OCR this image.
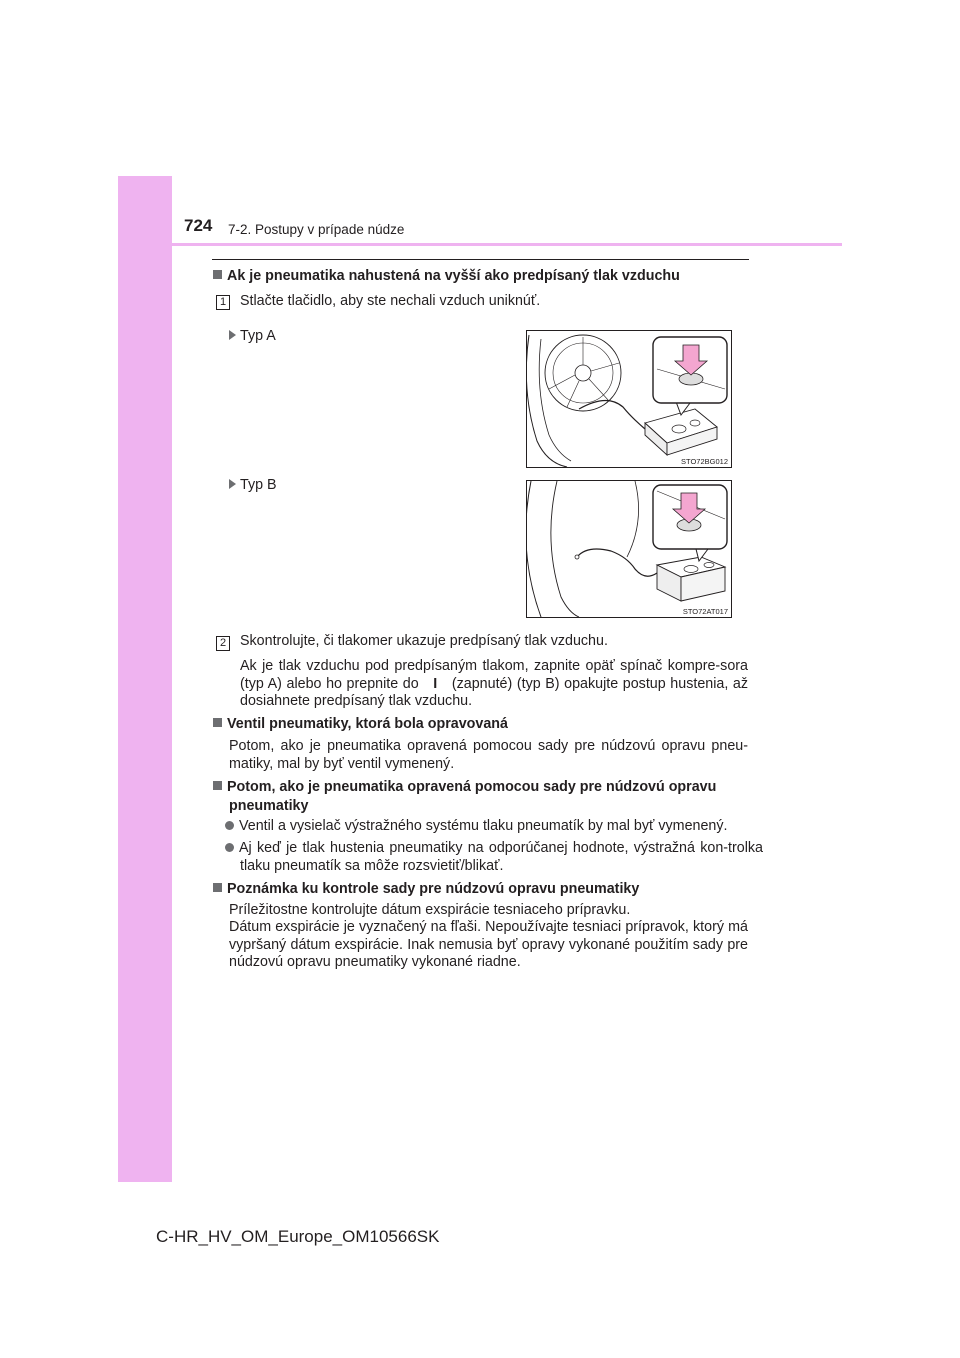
724 7-2. Postupy v prípade núdze
Ak je pneumatika nahustená na vyšší ako predpísaný tlak vzduchu
1 Stlačte tlačidlo, aby ste nechali vzduch uniknúť.
Typ A
STO72BG012
Typ B
STO72AT017
2 Skontrolujte, či tlakomer ukazuje predpísaný tlak vzduchu.
Ak je tlak vzduchu pod predpísaným tlakom, zapnite opäť spínač kompre-sora (typ A) alebo ho prepnite do I (zapnuté) (typ B) opakujte postup hustenia, až dosiahnete predpísaný tlak vzduchu.
Ventil pneumatiky, ktorá bola opravovaná
Potom, ako je pneumatika opravená pomocou sady pre núdzovú opravu pneu-matiky, mal by byť ventil vymenený.
Potom, ako je pneumatika opravená pomocou sady pre núdzovú opravu pneumatiky
Ventil a vysielač výstražného systému tlaku pneumatík by mal byť vymenený.
Aj keď je tlak hustenia pneumatiky na odporúčanej hodnote, výstražná kon-trolka tlaku pneumatík sa môže rozsvietiť/blikať.
Poznámka ku kontrole sady pre núdzovú opravu pneumatiky
Príležitostne kontrolujte dátum exspirácie tesniaceho prípravku.
Dátum exspirácie je vyznačený na fľaši. Nepoužívajte tesniaci prípravok, ktorý má vypršaný dátum exspirácie. Inak nemusia byť opravy vykonané použitím sady pre núdzovú opravu pneumatiky vykonané riadne.
C-HR_HV_OM_Europe_OM10566SK
